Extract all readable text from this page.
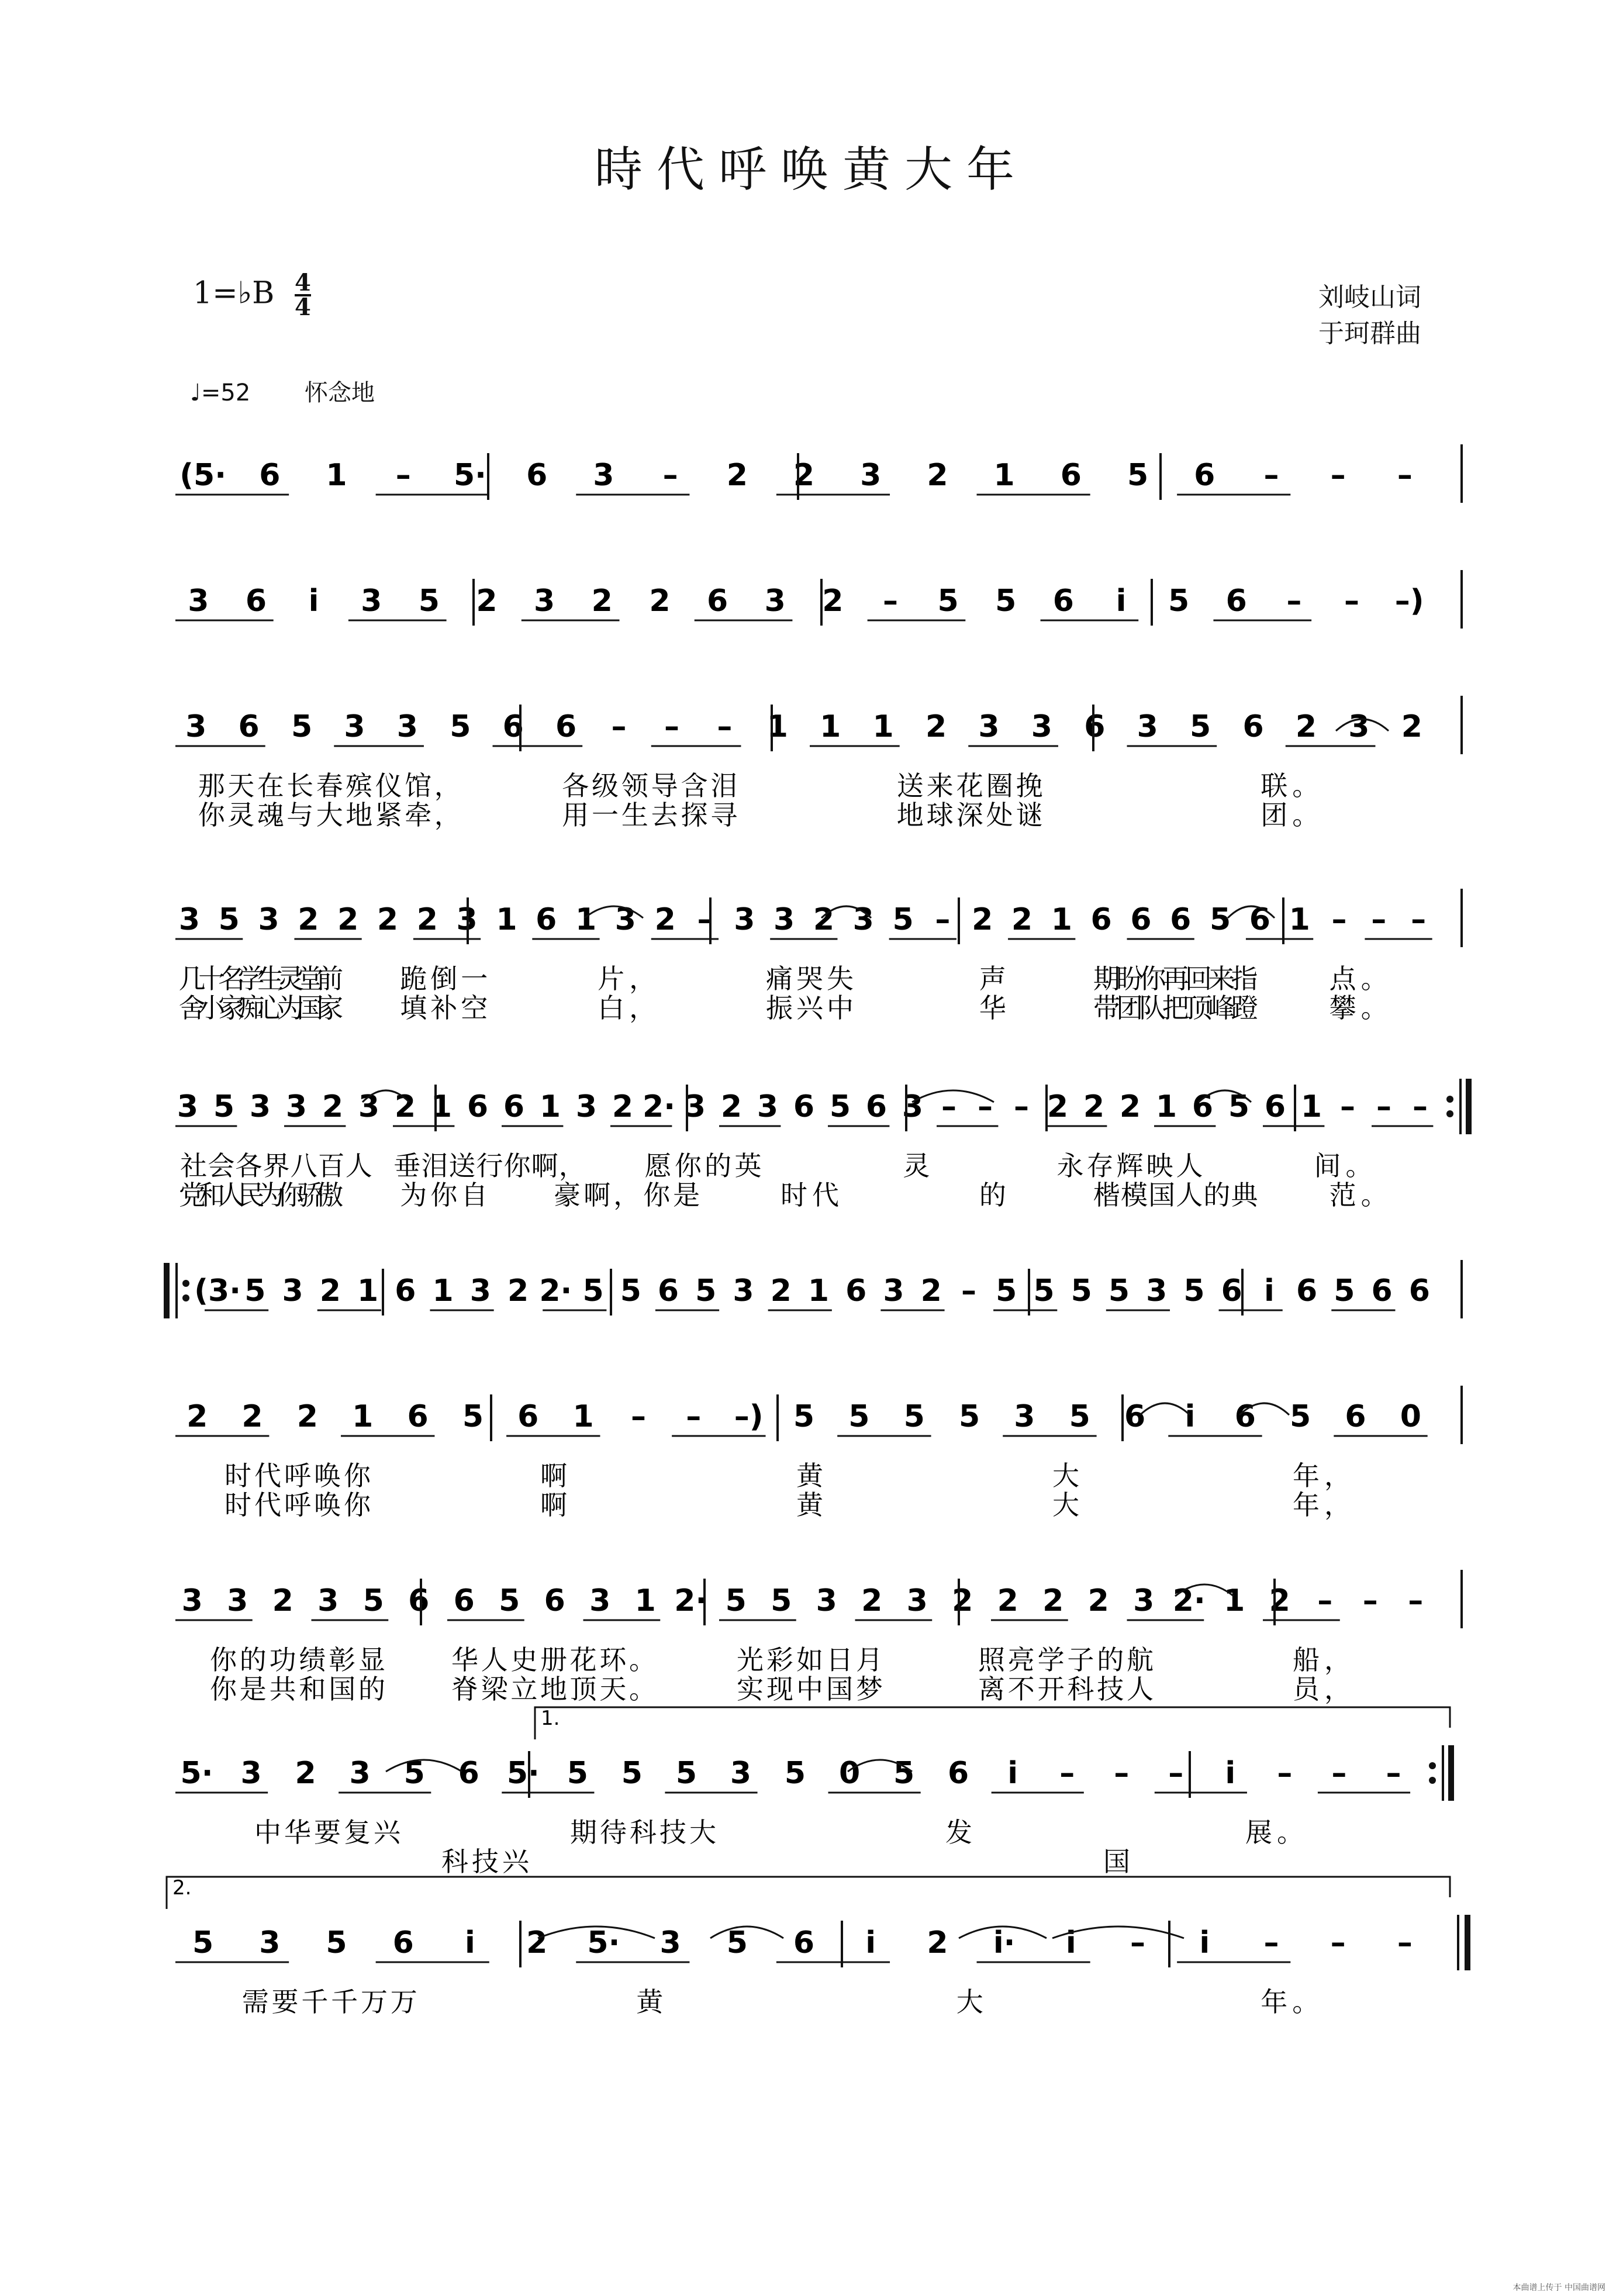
時代呼唤黄大年
1=♭B $\frac{4}{4}$	刘岐山词
于珂群曲
♩=52 怀念地
(5· 6 1 – 5· 6 3 – 2 2 3 2 1 6 5 6 – – –
3 6 i 3 5 2 3 2 2 6 3 2 – 5 5 6 i 5 6 – – –)
3 6 5 3 3 5 6 6 – – – 1 1 1 2 3 3 6 3 5 6 2 3 2
那天在长春殡仪馆，	各级领导含泪	送来花圈挽	联。
你灵魂与大地紧牵，	用一生去探寻	地球深处谜	团。
3 5 3 2 2 2 2 3 1 6 1 3 2 – 3 3 2 3 5 – 2 2 1 6 6 6 5 6 1 – – –
几十名学生灵堂前 跪倒一	片，	痛哭失	声	期盼你再回来指	点。
舍小家痴心为国家 填补空	白，	振兴中	华	带团队把顶峰蹬	攀。
3 5 3 3 2 3 2 1 6 6 1 3 2 2· 3 2 3 6 5 6 3 – – – 2 2 2 1 6 5 6 1 – – –
社会各界八百人 垂泪送行你啊， 愿你的英	灵	永存辉映人	间。
党和人民为你骄傲 为你自 豪啊，你是	时代	的	楷模国人的典	范。
(3· 5 3 2 1 6 1 3 2 2· 5 5 6 5 3 2 1 6 3 2 – 5 5 5 5 3 5 6 i 6 5 6 6
2 2 2 1 6 5 6 1 – – –) 5 5 5 5 3 5 6 i 6 5 6 0
时代呼唤你	啊	黄	大	年，
时代呼唤你	啊	黄	大	年，
3 3 2 3 5 6 6 5 6 3 1 2· 5 5 3 2 3 2 2 2 2 3 2· 1 2 – – –
你的功绩彰显 华人史册花环。	光彩如日月	照亮学子的航	船，
你是共和国的 脊梁立地顶天。	实现中国梦	离不开科技人	员，
5· 3 2 3 5 6 5· 5 5 5 3 5 0 5 6 i – – – i – – –
中华要复兴	期待科技大	发	展。
科技兴	国
1.
5 3 5 6 i 2 5· 3 5 6 i 2 i· i – i – – –
需要千千万万	黄	大	年。
2.
本曲谱上传于 中国曲谱网
